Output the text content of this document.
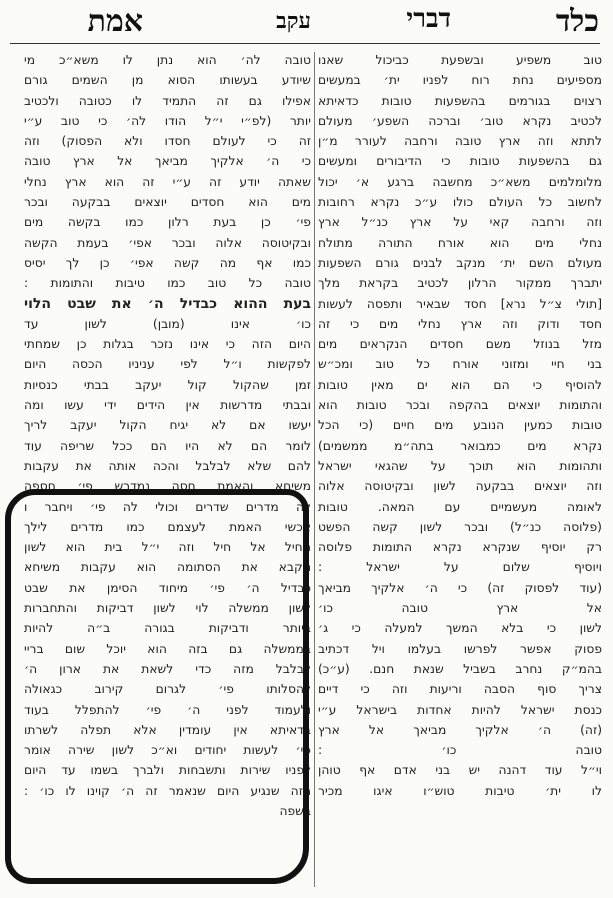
כלד
דברי
עקב
אמת
טוב משפיע ובשפעת כביכול שאנו
מספיעים נחת רוח לפניו ית׳ במעשים
רצוים בגורמים בהשפעות טובות כדאיתא
לכטיב נקרא טוב׳ וברכה השפע׳ מעולם
לתתא וזה ארץ טובה ורחבה לעורר מ״ן
גם בהשפעות טובות כי הדיבורים ומעשים
מלומלמים משא״כ מחשבה ברגע א׳ יכול
לחשוב כל העולם כולו ע״כ נקרא רחובות
וזה ורחבה קאי על ארץ כנ״ל ארץ
נחלי מים הוא אורח התורה מתולח
מעולם השם ית׳ מנקב לבנים גורם השפעות
יתברך ממקור הרלון לכטיב בקראת מלך
[תולי צ״ל נרא] חסד שבאיר ותפסה לעשות
חסד ודוק וזה ארץ נחלי מים כי זה
מזל בנוזל משם חסדים הנקראים מים
בני חיי ומזוני אורח כל טוב ומכ״ש
להוסיף כי הם הוא ים מאין טובות
והתומות יוצאים בהקפה ובכר טובות הוא
טובות כמעין הנובע מים חיים (כי הכל
נקרא מים כמבואר בתה״מ ממשמים)
ותהומות הוא תוכך על שהגאי ישראל
וזה יוצאים בבקעה לשון ובקיטוסה אלוה
לאומה מעשמיים עם המאה. טובות
(פלוסה כנ״ל) ובכר לשון קשה הפשט
רק יוסיף שנקרא נקרא התומות פלוסה
ויוסיף שלום על ישראל :
(עוד לפסוק זה) כי ה׳ אלקיך מביאך
אל ארץ טובה כו׳
לשון כי בלא המשך למעלה כי ג׳
פסוק אפשר לפרשו בעלמו ויל דכתיב
בהמ״ק נחרב בשביל שנאת חנם. (ע״כ)
צריך סוף הסבה וריעות וזה כי דיים
כנסת ישראל להיות אחדות בישראל ע״י
(זה) ה׳ אלקיך מביאך אל ארץ
טובה כו׳ :
וי״ל עוד דהנה יש בני אדם אף טוהן
לו ית׳ טיבות טוש״ו איגו מכיר
טובה לה׳ הוא נתן לו משא״כ מי
שיודע בעשותו הסוא מן השמים גורם
אפילו גם זה התמיד לו כטובה ולכטיב
יותר (לפ״י י״ל הודו לה׳ כי טוב ע״י
זה כי לעולם חסדו ולא הפסוק) וזה
כי ה׳ אלקיך מביאך אל ארץ טובה
שאתה יודע זה ע״י זה הוא ארץ נחלי
מים הוא חסדים יוצאים בבקעה ובכר
פי׳ כן בעת רלון כמו בקשה מים
ובקיטוסה אלוה ובכר אפי׳ בעמת הקשה
כמו אף מה קשה אפי׳ כן לך יסיס
טובה כל טוב כמו טיבות והתומות :
בעת ההוא כבדיל ה׳ את שבט הלוי
כו׳ אינו (מובן) לשון עד
היום הזה כי אינו נזכר בגלות כן שמחתי
לפקשות ו״ל לפי עניניו הכסה היום
זמן שהקול קול יעקב בבתי כנסיות
ובבתי מדרשות אין הידים ידי עשו ומה
יעשו אם לא יגיח הקול יעקב לריך
לומר הם לא היו הם ככל שריפה עוד
להם שלא לבלבל והכה אותה את עקבות
משיחא והאמת חסה נמדרש פי׳ חספה
לה מדרים שדרים וכולי לה פי׳ ויחבר ו
אכשי האמת לעצמם כמו מדרים לילך
מחיל אל חיל וזה י״ל בית הוא לשון
נוקבא את הסתומה הוא עקבות משיחא
כבדיל ה׳ פי׳ מיחוד הסימן את שבט
לשון ממשלה לוי לשון דביקות והתחברות
ביותר ודביקות בגורה ב״ה להיות
בממשלה גם בזה הוא יוכל שום בריי
לבלבל מזה כדי לשאת את ארון ה׳
להסלותו פי׳ לגרום קירוב כגאולה
ולעמוד לפני ה׳ פי׳ להתפלל בעוד
בדאיתא אין עומדין אלא תפלה לשרתו
פי׳ לעשות יחודים וא״כ לשון שירה אומר
לפניו שירות ותשבחות ולברך בשמו עד היום
הזה שנגיע היום שנאמר זה ה׳ קוינו לו כו׳ :
בשפה
